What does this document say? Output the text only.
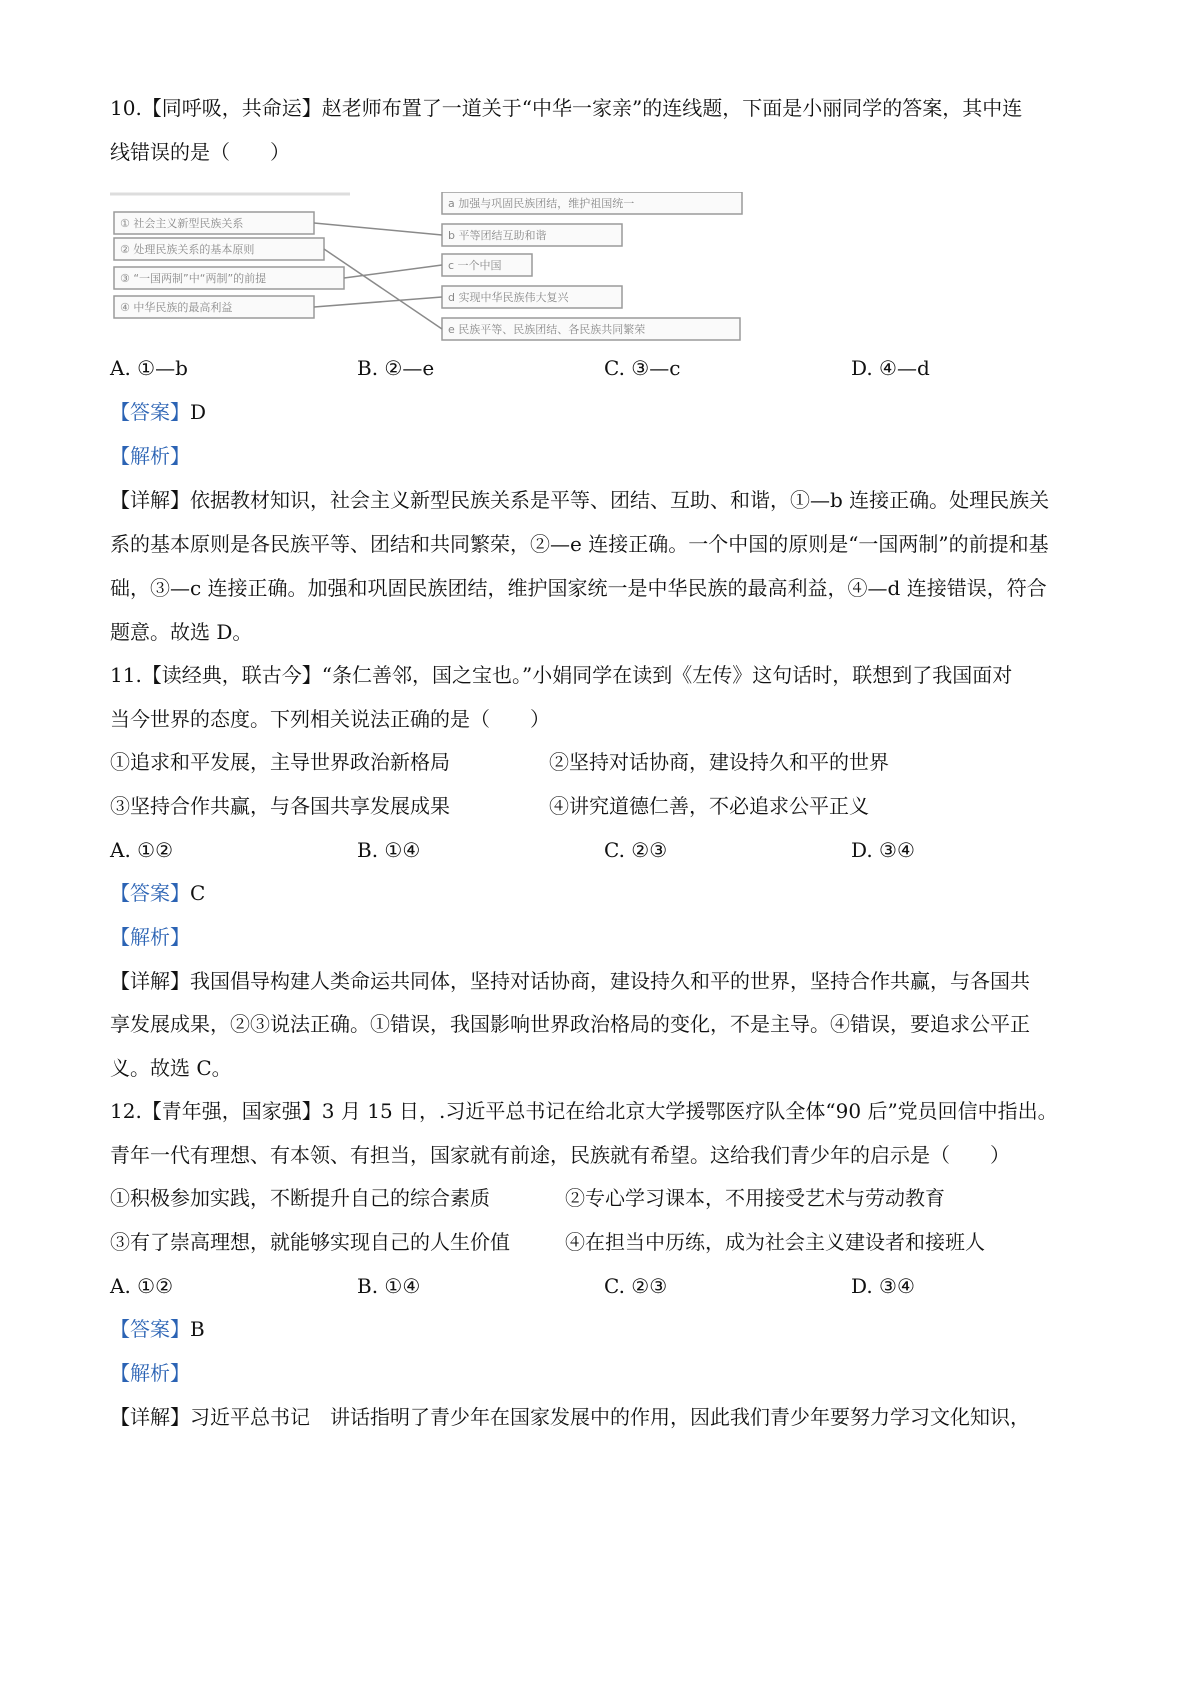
10.【同呼吸，共命运】赵老师布置了一道关于“中华一家亲”的连线题，下面是小丽同学的答案，其中连
线错误的是（　　）
① 社会主义新型民族关系
② 处理民族关系的基本原则
③ “一国两制”中“两制”的前提
④ 中华民族的最高利益
a 加强与巩固民族团结，维护祖国统一
b 平等团结互助和谐
c 一个中国
d 实现中华民族伟大复兴
e 民族平等、民族团结、各民族共同繁荣
A. ①—b	B. ②—e	C. ③—c	D. ④—d
【答案】D
【解析】
【详解】依据教材知识，社会主义新型民族关系是平等、团结、互助、和谐，①—b 连接正确。处理民族关
系的基本原则是各民族平等、团结和共同繁荣，②—e 连接正确。一个中国的原则是“一国两制”的前提和基
础，③—c 连接正确。加强和巩固民族团结，维护国家统一是中华民族的最高利益，④—d 连接错误，符合
题意。故选 D。
11.【读经典，联古今】“条仁善邻，国之宝也。”小娟同学在读到《左传》这句话时，联想到了我国面对
当今世界的态度。下列相关说法正确的是（　　）
①追求和平发展，主导世界政治新格局	②坚持对话协商，建设持久和平的世界
③坚持合作共赢，与各国共享发展成果	④讲究道德仁善，不必追求公平正义
A. ①②	B. ①④	C. ②③	D. ③④
【答案】C
【解析】
【详解】我国倡导构建人类命运共同体，坚持对话协商，建设持久和平的世界，坚持合作共赢，与各国共
享发展成果，②③说法正确。①错误，我国影响世界政治格局的变化，不是主导。④错误，要追求公平正
义。故选 C。
12.【青年强，国家强】3 月 15 日，.习近平总书记在给北京大学援鄂医疗队全体“90 后”党员回信中指出。
青年一代有理想、有本领、有担当，国家就有前途，民族就有希望。这给我们青少年的启示是（　　）
①积极参加实践，不断提升自己的综合素质	②专心学习课本，不用接受艺术与劳动教育
③有了崇高理想，就能够实现自己的人生价值	④在担当中历练，成为社会主义建设者和接班人
A. ①②	B. ①④	C. ②③	D. ③④
【答案】B
【解析】
【详解】习近平总书记　讲话指明了青少年在国家发展中的作用，因此我们青少年要努力学习文化知识，
